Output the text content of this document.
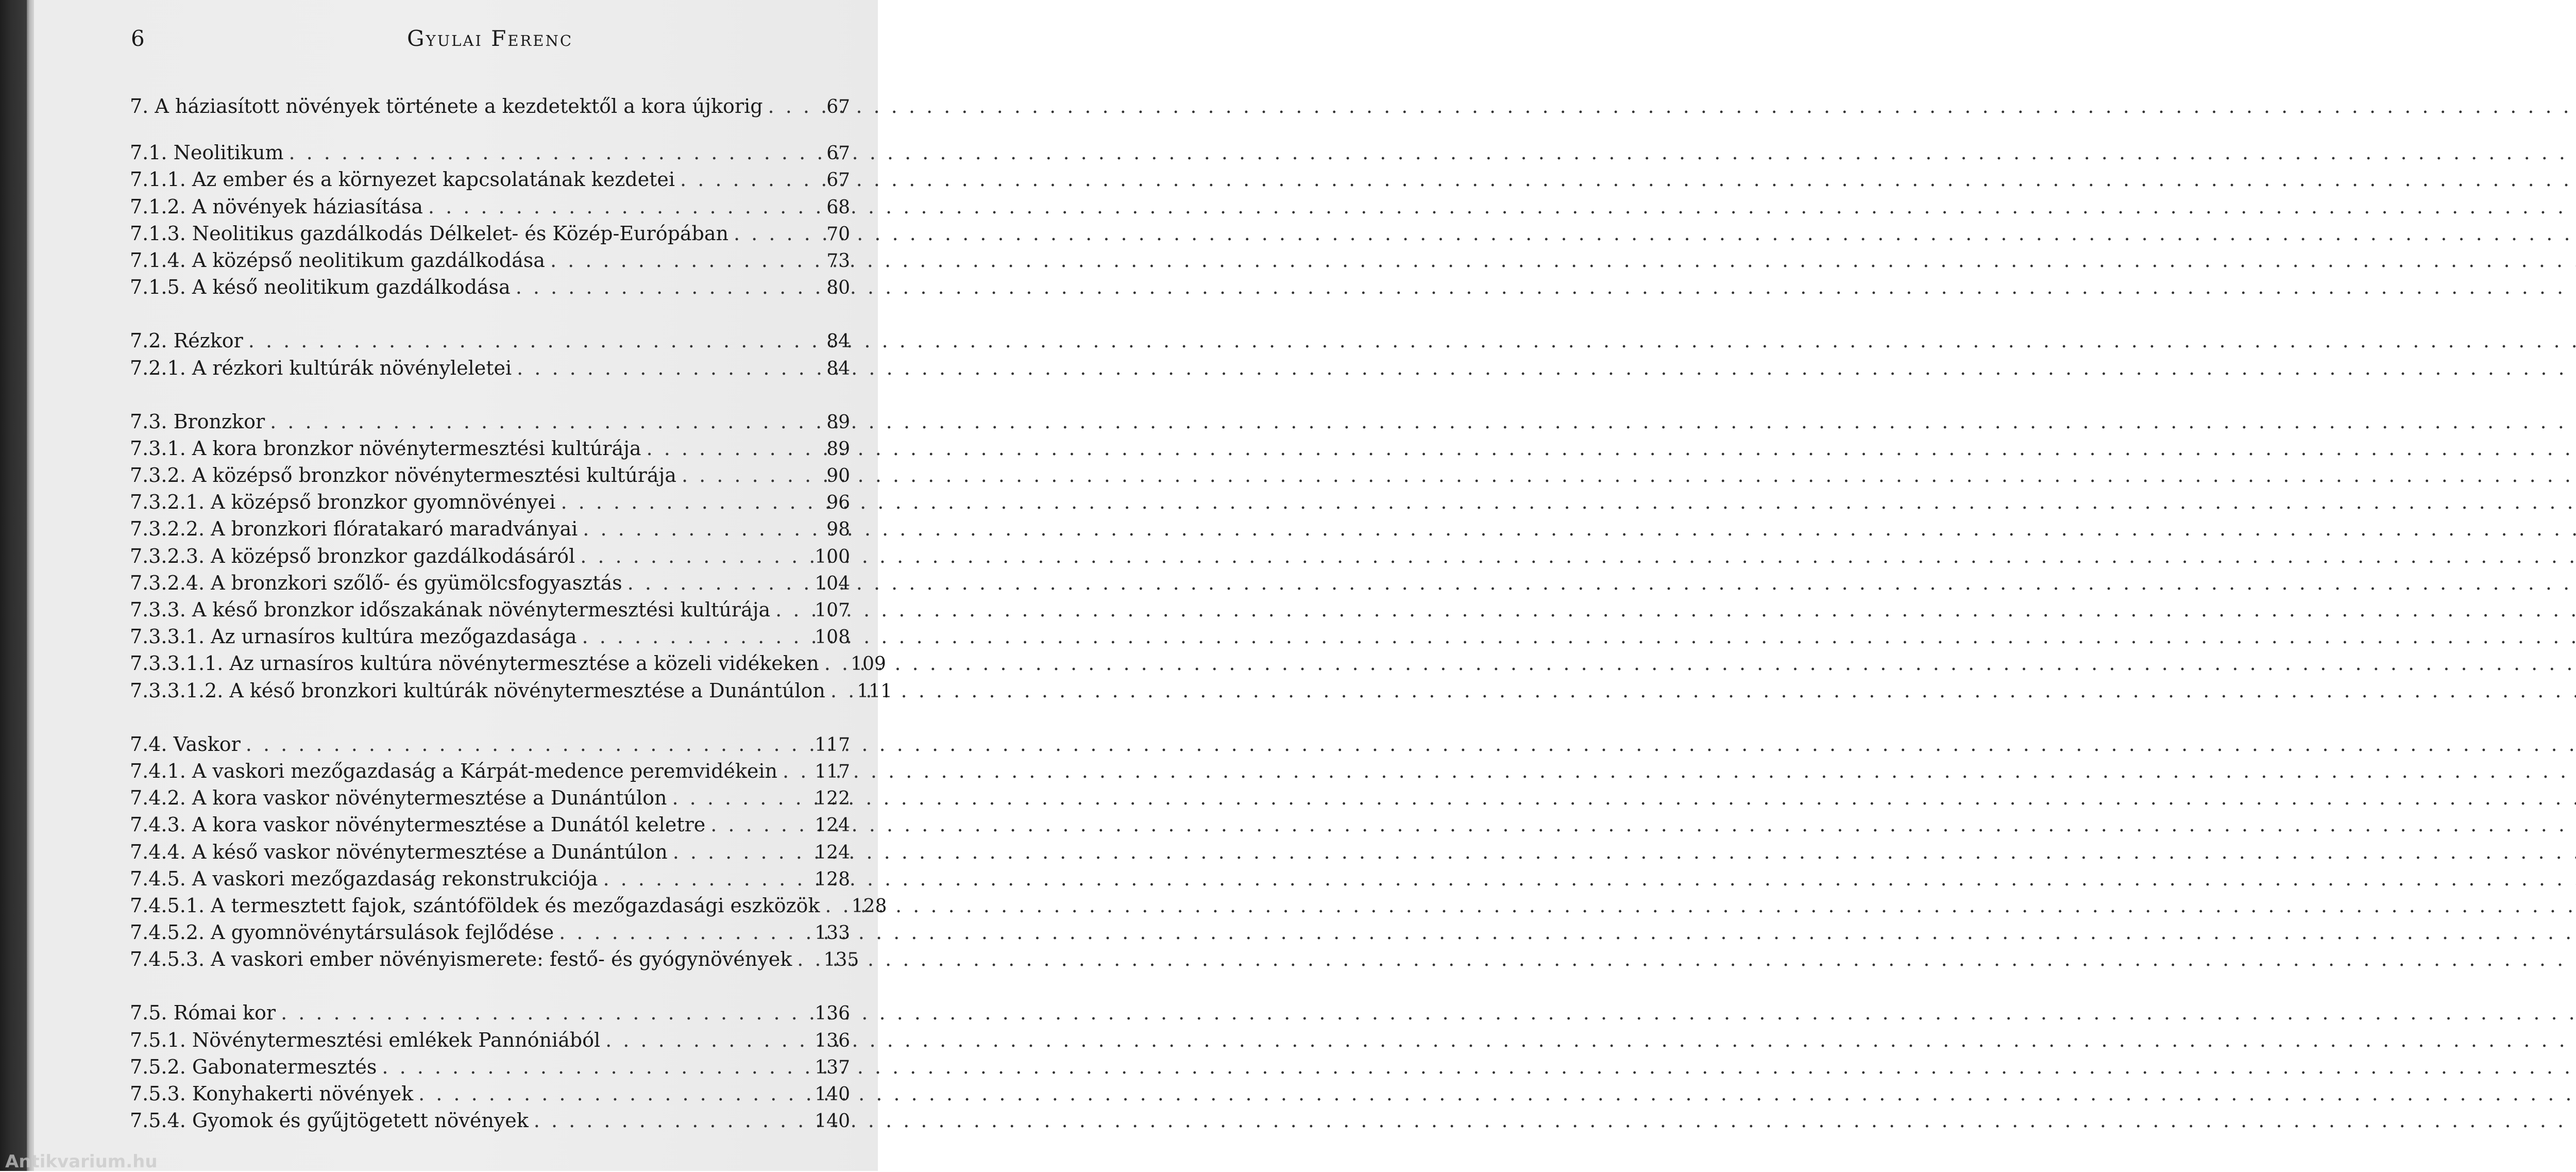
6	Gyulai Ferenc
7. A háziasított növények története a kezdetektől a kora újkorig . . .	67
7.1. Neolitikum . . .	67
7.1.1. Az ember és a környezet kapcsolatának kezdetei . . .	67
7.1.2. A növények háziasítása . . .	68
7.1.3. Neolitikus gazdálkodás Délkelet- és Közép-Európában . . .	70
7.1.4. A középső neolitikum gazdálkodása . . .	73
7.1.5. A késő neolitikum gazdálkodása . . .	80
7.2. Rézkor . . .	84
7.2.1. A rézkori kultúrák növényleletei . . .	84
7.3. Bronzkor . . .	89
7.3.1. A kora bronzkor növénytermesztési kultúrája . . .	89
7.3.2. A középső bronzkor növénytermesztési kultúrája . . .	90
7.3.2.1. A középső bronzkor gyomnövényei . . .	96
7.3.2.2. A bronzkori flóratakaró maradványai . . .	98
7.3.2.3. A középső bronzkor gazdálkodásáról . . .	100
7.3.2.4. A bronzkori szőlő- és gyümölcsfogyasztás . . .	104
7.3.3. A késő bronzkor időszakának növénytermesztési kultúrája . . .	107
7.3.3.1. Az urnasíros kultúra mezőgazdasága . . .	108
7.3.3.1.1. Az urnasíros kultúra növénytermesztése a közeli vidékeken . . .	109
7.3.3.1.2. A késő bronzkori kultúrák növénytermesztése a Dunántúlon . . .	111
7.4. Vaskor . . .	117
7.4.1. A vaskori mezőgazdaság a Kárpát-medence peremvidékein . . .	117
7.4.2. A kora vaskor növénytermesztése a Dunántúlon . . .	122
7.4.3. A kora vaskor növénytermesztése a Dunától keletre . . .	124
7.4.4. A késő vaskor növénytermesztése a Dunántúlon . . .	124
7.4.5. A vaskori mezőgazdaság rekonstrukciója . . .	128
7.4.5.1. A termesztett fajok, szántóföldek és mezőgazdasági eszközök . . .	128
7.4.5.2. A gyomnövénytársulások fejlődése . . .	133
7.4.5.3. A vaskori ember növényismerete: festő- és gyógynövények . . .	135
7.5. Római kor . . .	136
7.5.1. Növénytermesztési emlékek Pannóniából . . .	136
7.5.2. Gabonatermesztés . . .	137
7.5.3. Konyhakerti növények . . .	140
7.5.4. Gyomok és gyűjtögetett növények . . .	140
Antikvarium.hu
